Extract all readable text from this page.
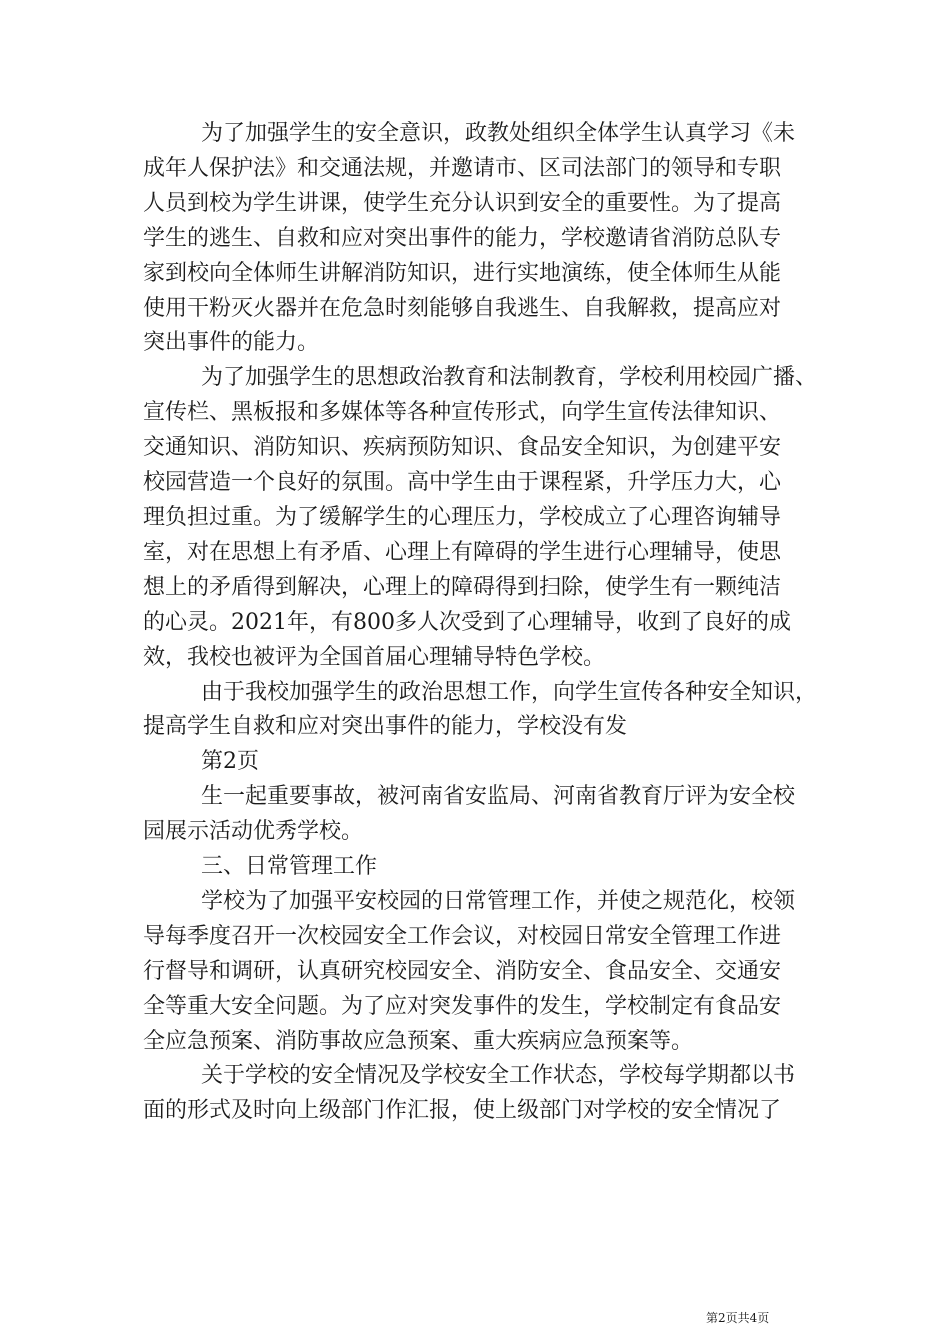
为了加强学生的安全意识，政教处组织全体学生认真学习《未
成年人保护法》和交通法规，并邀请市、区司法部门的领导和专职
人员到校为学生讲课，使学生充分认识到安全的重要性。为了提高
学生的逃生、自救和应对突出事件的能力，学校邀请省消防总队专
家到校向全体师生讲解消防知识，进行实地演练，使全体师生从能
使用干粉灭火器并在危急时刻能够自我逃生、自我解救，提高应对
突出事件的能力。
为了加强学生的思想政治教育和法制教育，学校利用校园广播、
宣传栏、黑板报和多媒体等各种宣传形式，向学生宣传法律知识、
交通知识、消防知识、疾病预防知识、食品安全知识，为创建平安
校园营造一个良好的氛围。高中学生由于课程紧，升学压力大，心
理负担过重。为了缓解学生的心理压力，学校成立了心理咨询辅导
室，对在思想上有矛盾、心理上有障碍的学生进行心理辅导，使思
想上的矛盾得到解决，心理上的障碍得到扫除，使学生有一颗纯洁
的心灵。2021年，有800多人次受到了心理辅导，收到了良好的成
效，我校也被评为全国首届心理辅导特色学校。
由于我校加强学生的政治思想工作，向学生宣传各种安全知识，
提高学生自救和应对突出事件的能力，学校没有发
第2页
生一起重要事故，被河南省安监局、河南省教育厅评为安全校
园展示活动优秀学校。
三、日常管理工作
学校为了加强平安校园的日常管理工作，并使之规范化，校领
导每季度召开一次校园安全工作会议，对校园日常安全管理工作进
行督导和调研，认真研究校园安全、消防安全、食品安全、交通安
全等重大安全问题。为了应对突发事件的发生，学校制定有食品安
全应急预案、消防事故应急预案、重大疾病应急预案等。
关于学校的安全情况及学校安全工作状态，学校每学期都以书
面的形式及时向上级部门作汇报，使上级部门对学校的安全情况了
第2页共4页
